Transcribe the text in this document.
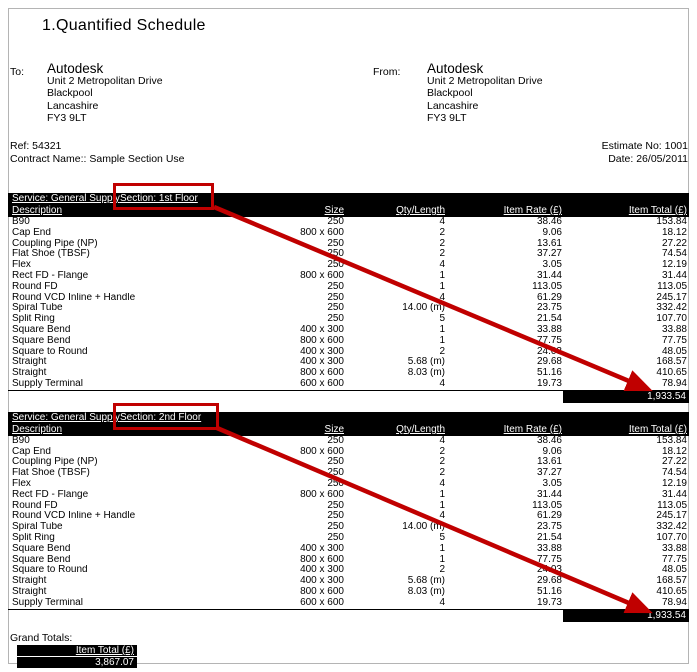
1.Quantified Schedule
To: Autodesk
Unit 2 Metropolitan Drive
Blackpool
Lancashire
FY3 9LT
From: Autodesk
Unit 2 Metropolitan Drive
Blackpool
Lancashire
FY3 9LT
Ref: 54321
Contract Name:: Sample Section Use
Estimate No: 1001
Date: 26/05/2011
Service: General Supply Section: 1st Floor
Description	Size	Qty/Length	Item Rate (£)	Item Total (£)
B90	250	4	38.46	153.84
Cap End	800 x 600	2	9.06	18.12
Coupling Pipe (NP)	250	2	13.61	27.22
Flat Shoe (TBSF)	250	2	37.27	74.54
Flex	250	4	3.05	12.19
Rect FD - Flange	800 x 600	1	31.44	31.44
Round FD	250	1	113.05	113.05
Round VCD Inline + Handle	250	4	61.29	245.17
Spiral Tube	250	14.00 (m)	23.75	332.42
Split Ring	250	5	21.54	107.70
Square Bend	400 x 300	1	33.88	33.88
Square Bend	800 x 600	1	77.75	77.75
Square to Round	400 x 300	2	24.03	48.05
Straight	400 x 300	5.68 (m)	29.68	168.57
Straight	800 x 600	8.03 (m)	51.16	410.65
Supply Terminal	600 x 600	4	19.73	78.94
1,933.54
Service: General Supply Section: 2nd Floor
Description	Size	Qty/Length	Item Rate (£)	Item Total (£)
B90	250	4	38.46	153.84
Cap End	800 x 600	2	9.06	18.12
Coupling Pipe (NP)	250	2	13.61	27.22
Flat Shoe (TBSF)	250	2	37.27	74.54
Flex	250	4	3.05	12.19
Rect FD - Flange	800 x 600	1	31.44	31.44
Round FD	250	1	113.05	113.05
Round VCD Inline + Handle	250	4	61.29	245.17
Spiral Tube	250	14.00 (m)	23.75	332.42
Split Ring	250	5	21.54	107.70
Square Bend	400 x 300	1	33.88	33.88
Square Bend	800 x 600	1	77.75	77.75
Square to Round	400 x 300	2	24.03	48.05
Straight	400 x 300	5.68 (m)	29.68	168.57
Straight	800 x 600	8.03 (m)	51.16	410.65
Supply Terminal	600 x 600	4	19.73	78.94
1,933.54
Grand Totals:
Item Total (£)
3,867.07
